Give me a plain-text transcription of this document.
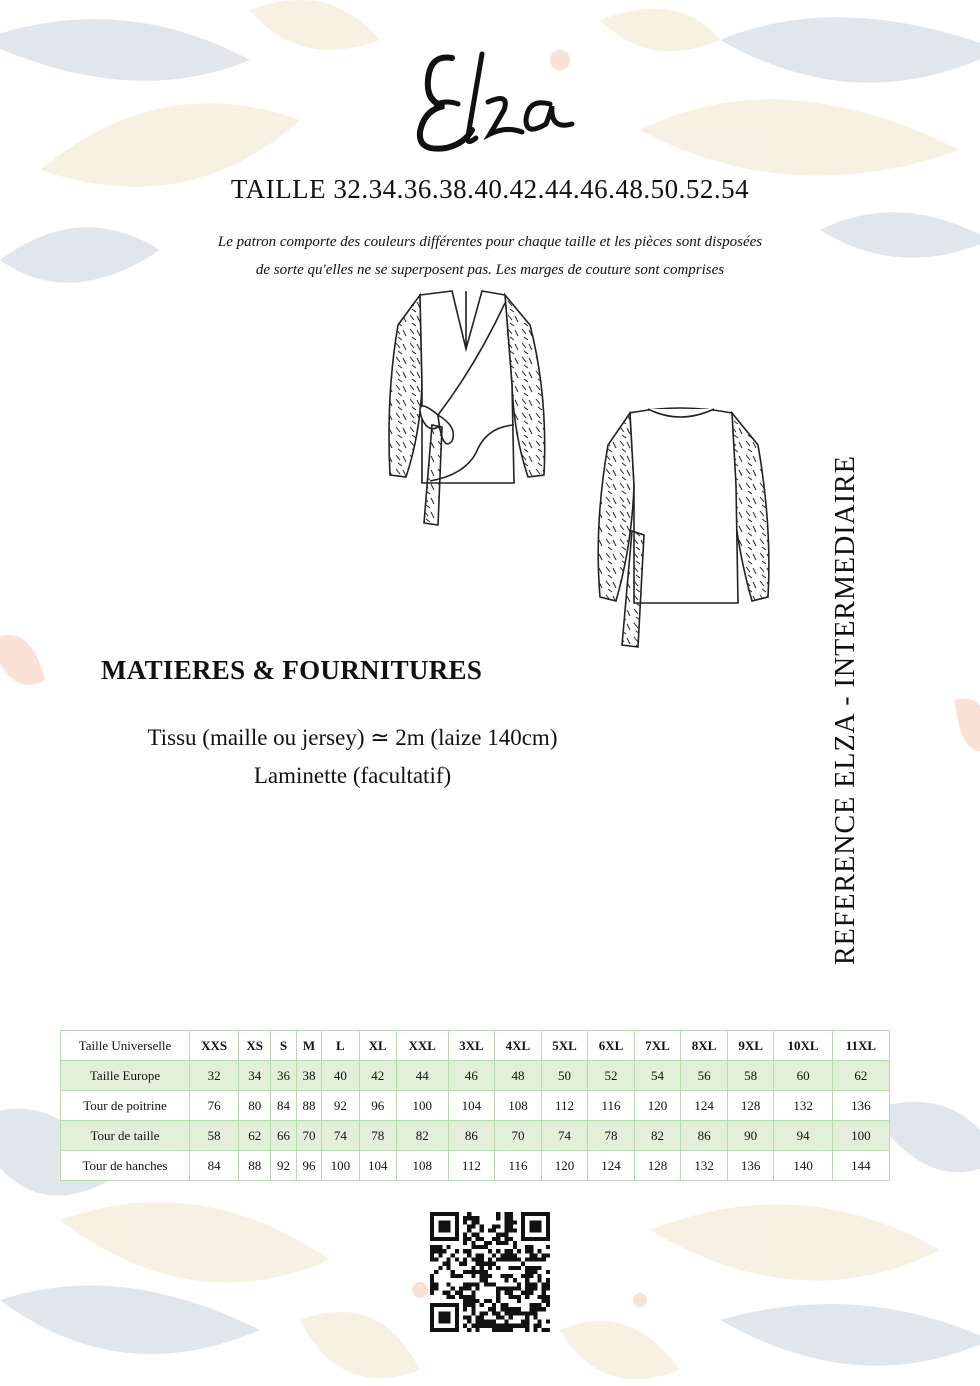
TAILLE 32.34.36.38.40.42.44.46.48.50.52.54
Le patron comporte des couleurs différentes pour chaque taille et les pièces sont disposées
de sorte qu'elles ne se superposent pas. Les marges de couture sont comprises
MATIERES & FOURNITURES
Tissu (maille ou jersey) ≃ 2m (laize 140cm)
Laminette (facultatif)	REFERENCE ELZA - INTERMEDIAIRE
Taille Universelle	XXS	XS	S	M	L	XL	XXL	3XL	4XL	5XL	6XL	7XL	8XL	9XL	10XL	11XL
Taille Europe	32	34	36	38	40	42	44	46	48	50	52	54	56	58	60	62
Tour de poitrine	76	80	84	88	92	96	100	104	108	112	116	120	124	128	132	136
Tour de taille	58	62	66	70	74	78	82	86	70	74	78	82	86	90	94	100
Tour de hanches	84	88	92	96	100	104	108	112	116	120	124	128	132	136	140	144
